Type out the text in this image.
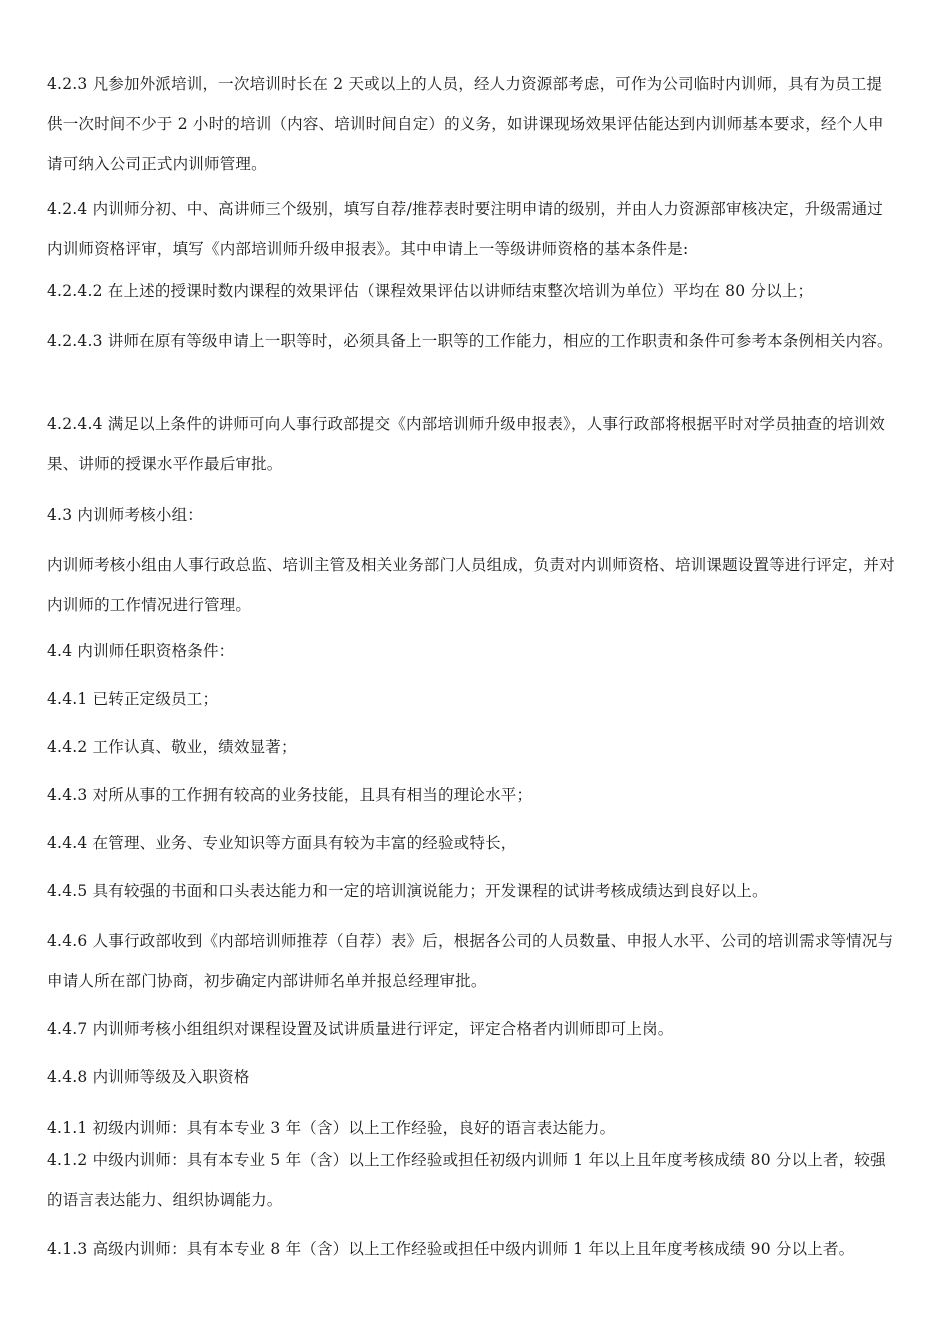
4.2.3 凡参加外派培训，一次培训时长在 2 天或以上的人员，经人力资源部考虑，可作为公司临时内训师，具有为员工提供一次时间不少于 2 小时的培训（内容、培训时间自定）的义务，如讲课现场效果评估能达到内训师基本要求，经个人申请可纳入公司正式内训师管理。

4.2.4 内训师分初、中、高讲师三个级别，填写自荐/推荐表时要注明申请的级别，并由人力资源部审核决定，升级需通过内训师资格评审，填写《内部培训师升级申报表》。其中申请上一等级讲师资格的基本条件是:

4.2.4.2 在上述的授课时数内课程的效果评估（课程效果评估以讲师结束整次培训为单位）平均在 80 分以上；

4.2.4.3 讲师在原有等级申请上一职等时，必须具备上一职等的工作能力，相应的工作职责和条件可参考本条例相关内容。

4.2.4.4 满足以上条件的讲师可向人事行政部提交《内部培训师升级申报表》，人事行政部将根据平时对学员抽查的培训效果、讲师的授课水平作最后审批。

4.3 内训师考核小组：

内训师考核小组由人事行政总监、培训主管及相关业务部门人员组成，负责对内训师资格、培训课题设置等进行评定，并对内训师的工作情况进行管理。

4.4 内训师任职资格条件：

4.4.1 已转正定级员工；

4.4.2 工作认真、敬业，绩效显著；

4.4.3 对所从事的工作拥有较高的业务技能，且具有相当的理论水平；

4.4.4 在管理、业务、专业知识等方面具有较为丰富的经验或特长，

4.4.5 具有较强的书面和口头表达能力和一定的培训演说能力；开发课程的试讲考核成绩达到良好以上。

4.4.6 人事行政部收到《内部培训师推荐（自荐）表》后，根据各公司的人员数量、申报人水平、公司的培训需求等情况与申请人所在部门协商，初步确定内部讲师名单并报总经理审批。

4.4.7 内训师考核小组组织对课程设置及试讲质量进行评定，评定合格者内训师即可上岗。

4.4.8 内训师等级及入职资格

4.1.1 初级内训师：具有本专业 3 年（含）以上工作经验，良好的语言表达能力。

4.1.2 中级内训师：具有本专业 5 年（含）以上工作经验或担任初级内训师 1 年以上且年度考核成绩 80 分以上者，较强的语言表达能力、组织协调能力。

4.1.3 高级内训师：具有本专业 8 年（含）以上工作经验或担任中级内训师 1 年以上且年度考核成绩 90 分以上者。
